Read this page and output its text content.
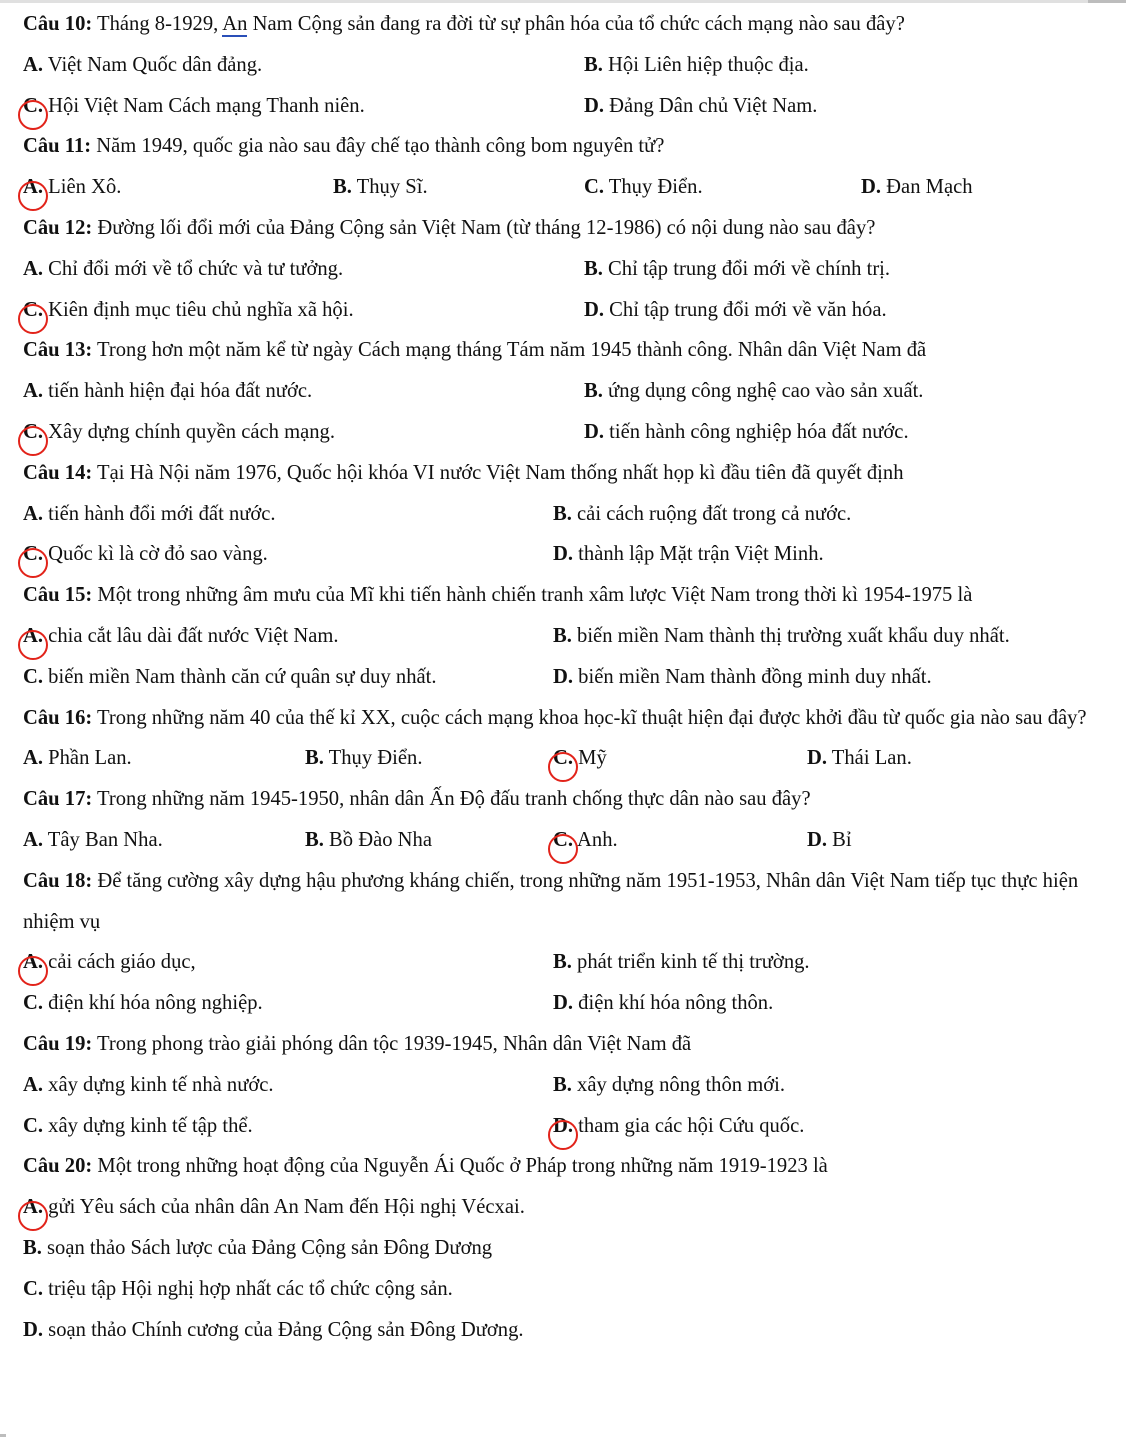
Câu 10: Tháng 8-1929, An Nam Cộng sản đang ra đời từ sự phân hóa của tổ chức cách mạng nào sau đây?

A. Việt Nam Quốc dân đảng.	B. Hội Liên hiệp thuộc địa.
C. Hội Việt Nam Cách mạng Thanh niên.	D. Đảng Dân chủ Việt Nam.

Câu 11: Năm 1949, quốc gia nào sau đây chế tạo thành công bom nguyên tử?

A. Liên Xô.	B. Thụy Sĩ.	C. Thụy Điển.	D. Đan Mạch

Câu 12: Đường lối đổi mới của Đảng Cộng sản Việt Nam (từ tháng 12-1986) có nội dung nào sau đây?

A. Chỉ đổi mới về tổ chức và tư tưởng.	B. Chỉ tập trung đổi mới về chính trị.
C. Kiên định mục tiêu chủ nghĩa xã hội.	D. Chỉ tập trung đổi mới về văn hóa.

Câu 13: Trong hơn một năm kể từ ngày Cách mạng tháng Tám năm 1945 thành công. Nhân dân Việt Nam đã

A. tiến hành hiện đại hóa đất nước.	B. ứng dụng công nghệ cao vào sản xuất.
C. Xây dựng chính quyền cách mạng.	D. tiến hành công nghiệp hóa đất nước.

Câu 14: Tại Hà Nội năm 1976, Quốc hội khóa VI nước Việt Nam thống nhất họp kì đầu tiên đã quyết định

A. tiến hành đổi mới đất nước.	B. cải cách ruộng đất trong cả nước.
C. Quốc kì là cờ đỏ sao vàng.	D. thành lập Mặt trận Việt Minh.

Câu 15: Một trong những âm mưu của Mĩ khi tiến hành chiến tranh xâm lược Việt Nam trong thời kì 1954-1975 là

A. chia cắt lâu dài đất nước Việt Nam.	B. biến miền Nam thành thị trường xuất khẩu duy nhất.
C. biến miền Nam thành căn cứ quân sự duy nhất.	D. biến miền Nam thành đồng minh duy nhất.

Câu 16: Trong những năm 40 của thế kỉ XX, cuộc cách mạng khoa học-kĩ thuật hiện đại được khởi đầu từ quốc gia nào sau đây?

A. Phần Lan.	B. Thụy Điển.	C. Mỹ	D. Thái Lan.

Câu 17: Trong những năm 1945-1950, nhân dân Ấn Độ đấu tranh chống thực dân nào sau đây?

A. Tây Ban Nha.	B. Bồ Đào Nha	C. Anh.	D. Bỉ

Câu 18: Để tăng cường xây dựng hậu phương kháng chiến, trong những năm 1951-1953, Nhân dân Việt Nam tiếp tục thực hiện nhiệm vụ

A. cải cách giáo dục,	B. phát triển kinh tế thị trường.
C. điện khí hóa nông nghiệp.	D. điện khí hóa nông thôn.

Câu 19: Trong phong trào giải phóng dân tộc 1939-1945, Nhân dân Việt Nam đã

A. xây dựng kinh tế nhà nước.	B. xây dựng nông thôn mới.
C. xây dựng kinh tế tập thể.	D. tham gia các hội Cứu quốc.

Câu 20: Một trong những hoạt động của Nguyễn Ái Quốc ở Pháp trong những năm 1919-1923 là

A. gửi Yêu sách của nhân dân An Nam đến Hội nghị Vécxai.
B. soạn thảo Sách lược của Đảng Cộng sản Đông Dương
C. triệu tập Hội nghị hợp nhất các tổ chức cộng sản.
D. soạn thảo Chính cương của Đảng Cộng sản Đông Dương.
